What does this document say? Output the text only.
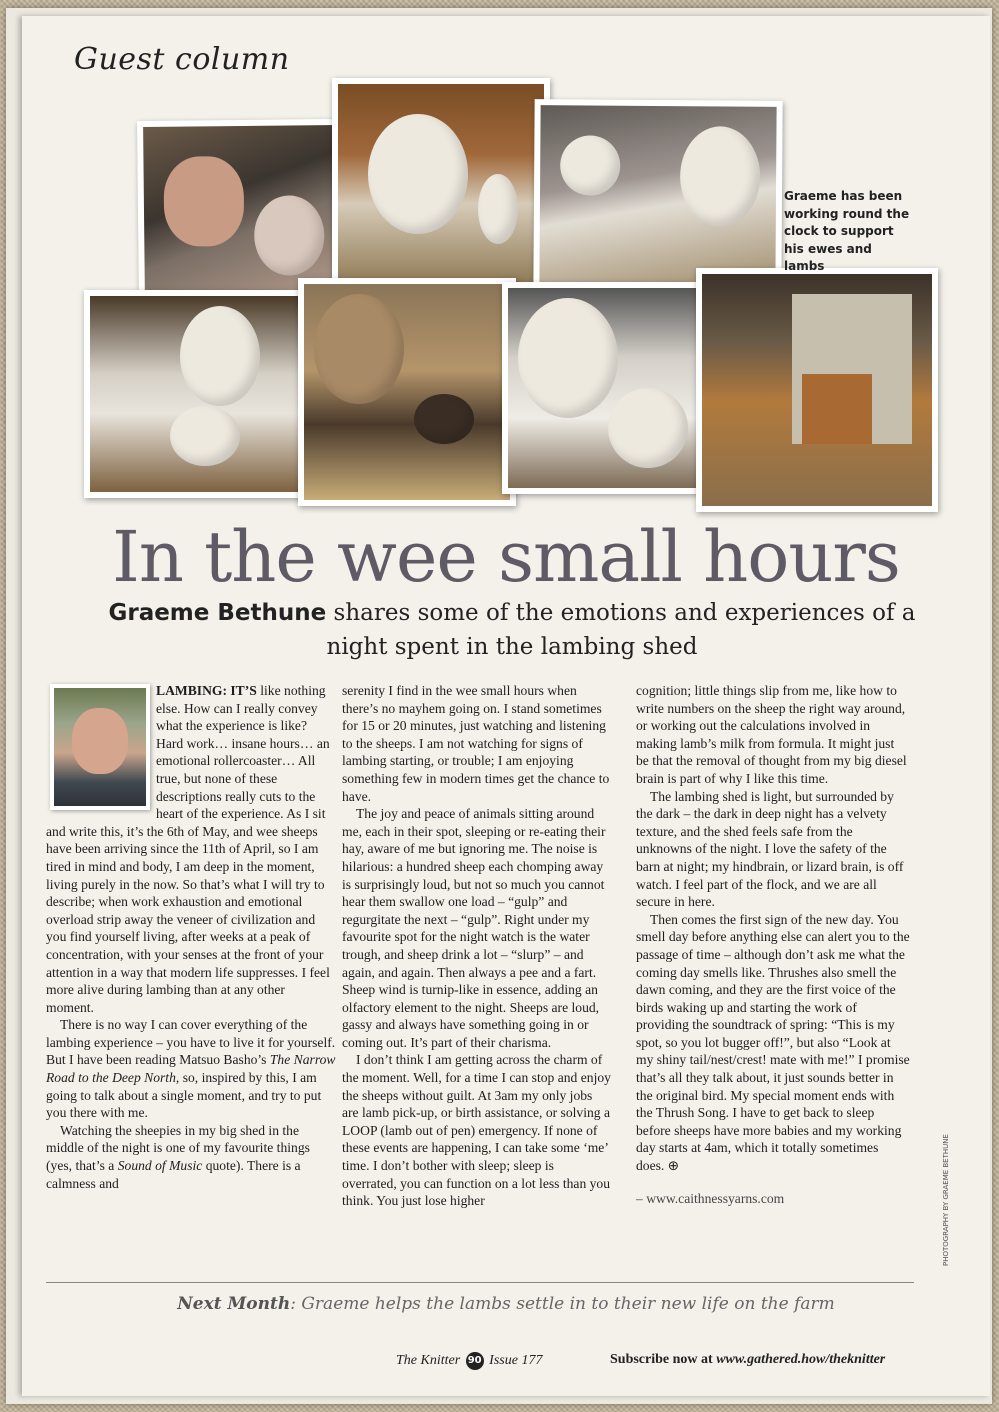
Guest column
Graeme has been working round the clock to support his ewes and lambs
In the wee small hours
Graeme Bethune shares some of the emotions and experiences of a night spent in the lambing shed

LAMBING: IT’S like nothing else. How can I really convey what the experience is like? Hard work… insane hours… an emotional rollercoaster… All true, but none of these descriptions really cuts to the heart of the experience. As I sit and write this, it’s the 6th of May, and wee sheeps have been arriving since the 11th of April, so I am tired in mind and body, I am deep in the moment, living purely in the now. So that’s what I will try to describe; when work exhaustion and emotional overload strip away the veneer of civilization and you find yourself living, after weeks at a peak of concentration, with your senses at the front of your attention in a way that modern life suppresses. I feel more alive during lambing than at any other moment.

There is no way I can cover everything of the lambing experience – you have to live it for yourself. But I have been reading Matsuo Basho’s The Narrow Road to the Deep North, so, inspired by this, I am going to talk about a single moment, and try to put you there with me.

Watching the sheepies in my big shed in the middle of the night is one of my favourite things (yes, that’s a Sound of Music quote). There is a calmness and

serenity I find in the wee small hours when there’s no mayhem going on. I stand sometimes for 15 or 20 minutes, just watching and listening to the sheeps. I am not watching for signs of lambing starting, or trouble; I am enjoying something few in modern times get the chance to have.

The joy and peace of animals sitting around me, each in their spot, sleeping or re-eating their hay, aware of me but ignoring me. The noise is hilarious: a hundred sheep each chomping away is surprisingly loud, but not so much you cannot hear them swallow one load – “gulp” and regurgitate the next – “gulp”. Right under my favourite spot for the night watch is the water trough, and sheep drink a lot – “slurp” – and again, and again. Then always a pee and a fart. Sheep wind is turnip-like in essence, adding an olfactory element to the night. Sheeps are loud, gassy and always have something going in or coming out. It’s part of their charisma.

I don’t think I am getting across the charm of the moment. Well, for a time I can stop and enjoy the sheeps without guilt. At 3am my only jobs are lamb pick-up, or birth assistance, or solving a LOOP (lamb out of pen) emergency. If none of these events are happening, I can take some ‘me’ time. I don’t bother with sleep; sleep is overrated, you can function on a lot less than you think. You just lose higher

cognition; little things slip from me, like how to write numbers on the sheep the right way around, or working out the calculations involved in making lamb’s milk from formula. It might just be that the removal of thought from my big diesel brain is part of why I like this time.

The lambing shed is light, but surrounded by the dark – the dark in deep night has a velvety texture, and the shed feels safe from the unknowns of the night. I love the safety of the barn at night; my hindbrain, or lizard brain, is off watch. I feel part of the flock, and we are all secure in here.

Then comes the first sign of the new day. You smell day before anything else can alert you to the passage of time – although don’t ask me what the coming day smells like. Thrushes also smell the dawn coming, and they are the first voice of the birds waking up and starting the work of providing the soundtrack of spring: “This is my spot, so you lot bugger off!”, but also “Look at my shiny tail/nest/crest! mate with me!” I promise that’s all they talk about, it just sounds better in the original bird. My special moment ends with the Thrush Song. I have to get back to sleep before sheeps have more babies and my working day starts at 4am, which it totally sometimes does. ⊕

– www.caithnessyarns.com	PHOTOGRAPHY BY GRAEME BETHUNE
Next Month: Graeme helps the lambs settle in to their new life on the farm
The Knitter 90 Issue 177	Subscribe now at www.gathered.how/theknitter
